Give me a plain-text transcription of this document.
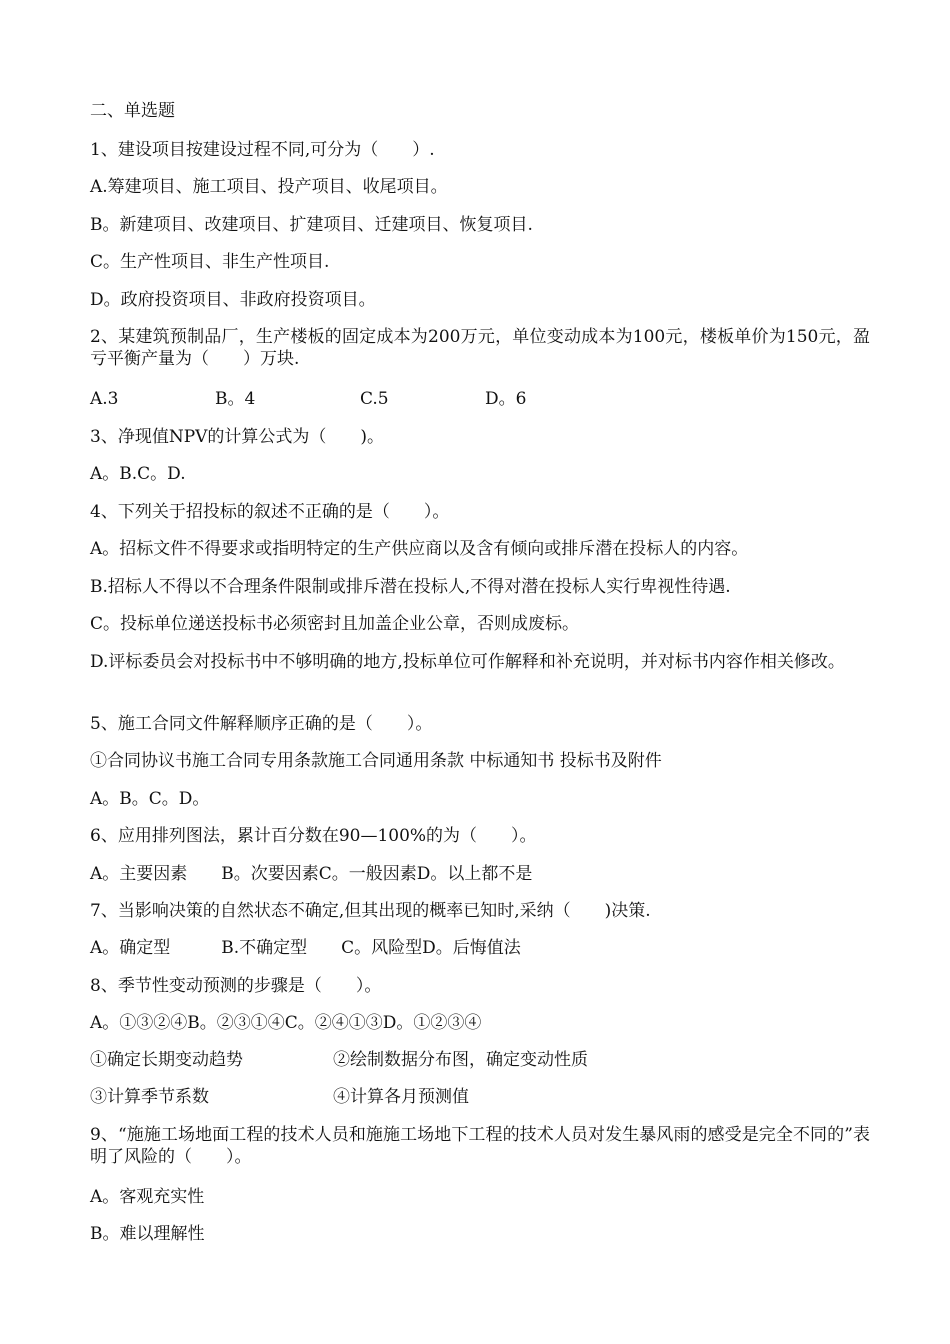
二、单选题
1、建设项目按建设过程不同,可分为（　　）.
A.筹建项目、施工项目、投产项目、收尾项目。
B。新建项目、改建项目、扩建项目、迁建项目、恢复项目.
C。生产性项目、非生产性项目.
D。政府投资项目、非政府投资项目。
2、某建筑预制品厂，生产楼板的固定成本为200万元，单位变动成本为100元，楼板单价为150元，盈亏平衡产量为（　　）万块.
A.3	B。4	C.5	D。6
3、净现值NPV的计算公式为（　　)。
A。B.C。D.
4、下列关于招投标的叙述不正确的是（　　）。
A。招标文件不得要求或指明特定的生产供应商以及含有倾向或排斥潜在投标人的内容。
B.招标人不得以不合理条件限制或排斥潜在投标人,不得对潜在投标人实行卑视性待遇.
C。投标单位递送投标书必须密封且加盖企业公章，否则成废标。
D.评标委员会对投标书中不够明确的地方,投标单位可作解释和补充说明，并对标书内容作相关修改。
5、施工合同文件解释顺序正确的是（　　）。
①合同协议书施工合同专用条款施工合同通用条款 中标通知书 投标书及附件
A。B。C。D。
6、应用排列图法，累计百分数在90—100%的为（　　）。
A。主要因素　　B。次要因素C。一般因素D。以上都不是
7、当影响决策的自然状态不确定,但其出现的概率已知时,采纳（　　)决策.
A。确定型　　　B.不确定型　　C。风险型D。后悔值法
8、季节性变动预测的步骤是（　　）。
A。①③②④B。②③①④C。②④①③D。①②③④
①确定长期变动趋势	②绘制数据分布图，确定变动性质
③计算季节系数	④计算各月预测值
9、“施施工场地面工程的技术人员和施施工场地下工程的技术人员对发生暴风雨的感受是完全不同的”表明了风险的（　　）。
A。客观充实性
B。难以理解性
